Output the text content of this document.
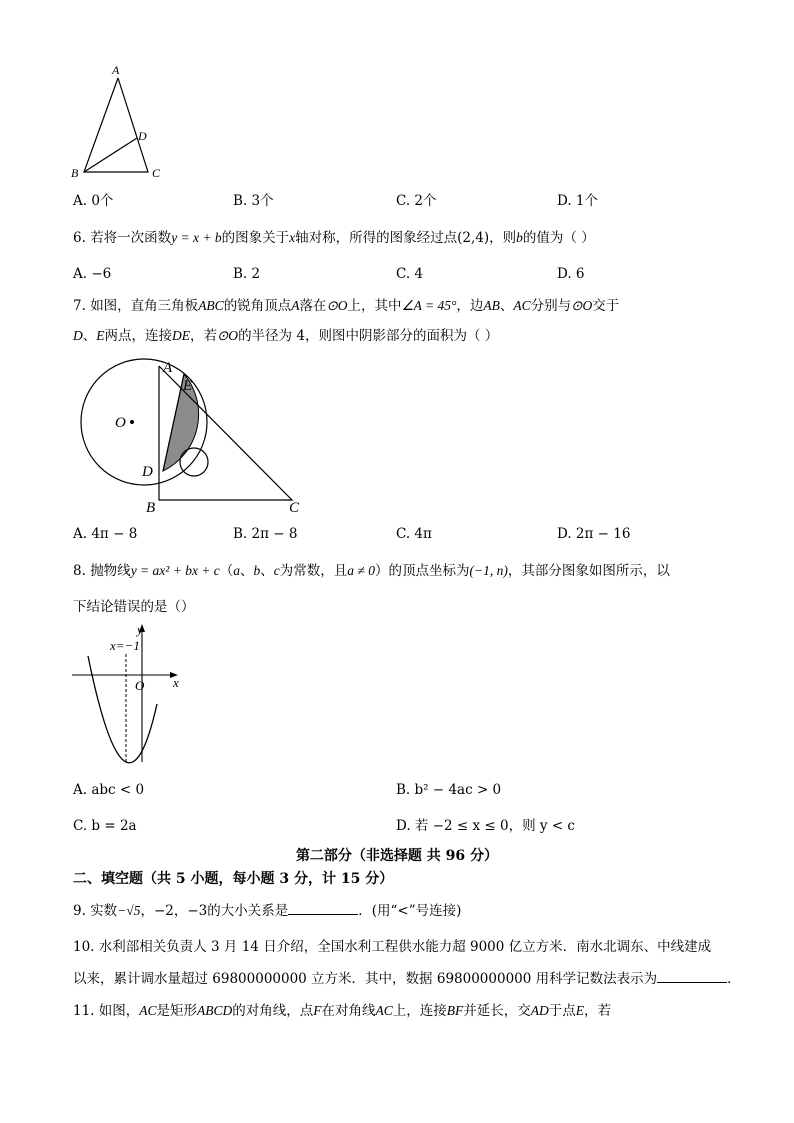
A
D
B	C
A. 0个	B. 3个	C. 2个	D. 1个
6. 若将一次函数y = x + b的图象关于x轴对称，所得的图象经过点(2,4)，则b的值为（ ）
A. −6	B. 2	C. 4	D. 6
7. 如图，直角三角板ABC的锐角顶点A落在⊙O上，其中∠A = 45°，边AB、AC分别与⊙O交于
D、E两点，连接DE，若⊙O的半径为 4，则图中阴影部分的面积为（ ）
A
E
O
D
B	C
A. 4π − 8	B. 2π − 8	C. 4π	D. 2π − 16
8. 抛物线y = ax² + bx + c（a、b、c为常数，且a ≠ 0）的顶点坐标为(−1, n)，其部分图象如图所示，以
下结论错误的是（）
y
x=−1
O x
A. abc < 0	B. b² − 4ac > 0
C. b = 2a	D. 若 −2 ≤ x ≤ 0，则 y < c
第二部分（非选择题 共 96 分）
二、填空题（共 5 小题，每小题 3 分，计 15 分）
9. 实数−√5，−2，−3的大小关系是	．(用“<”号连接)
10. 水利部相关负责人 3 月 14 日介绍，全国水利工程供水能力超 9000 亿立方米．南水北调东、中线建成
以来，累计调水量超过 69800000000 立方米．其中，数据 69800000000 用科学记数法表示为	．
11. 如图，AC是矩形ABCD的对角线，点F在对角线AC上，连接BF并延长，交AD于点E，若
